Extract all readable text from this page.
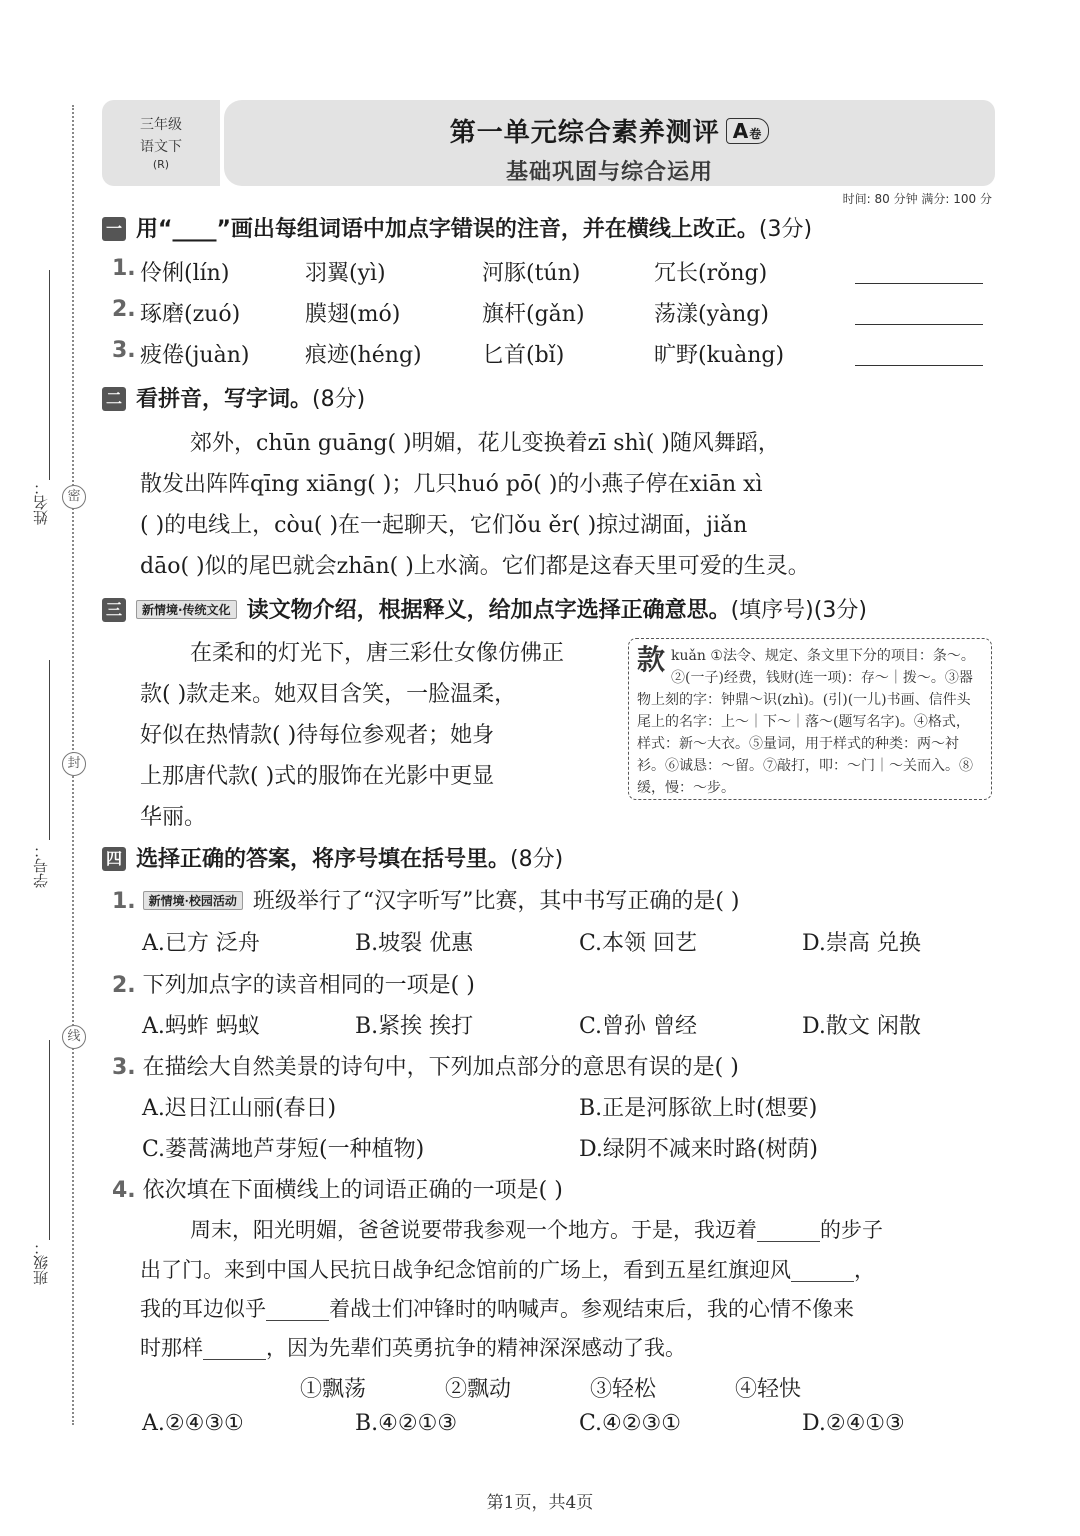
姓名：	密
学号：
封
线
班级：
三年级
语文下
(R)
第一单元综合素养测评 A卷
基础巩固与综合运用
时间: 80 分钟 满分: 100 分
一 用“____”画出每组词语中加点字错误的注音，并在横线上改正。(3分)
1. 伶俐(lín)	羽翼(yì)	河豚(tún)	冗长(rǒng)
2. 琢磨(zuó)	膜翅(mó)	旗杆(gǎn)	荡漾(yàng)
3. 疲倦(juàn)	痕迹(héng)	匕首(bǐ)	旷野(kuàng)
二 看拼音，写字词。(8分)
郊外，chūn guāng( )明媚，花儿变换着zī shì( )随风舞蹈，
散发出阵阵qīng xiāng( )；几只huó pō( )的小燕子停在xiān xì
( )的电线上，còu( )在一起聊天，它们ǒu ěr( )掠过湖面，jiǎn
dāo( )似的尾巴就会zhān( )上水滴。它们都是这春天里可爱的生灵。
三 新情境·传统文化 读文物介绍，根据释义，给加点字选择正确意思。(填序号)(3分)
在柔和的灯光下，唐三彩仕女像仿佛正
款( )款走来。她双目含笑，一脸温柔，
好似在热情款( )待每位参观者；她身
上那唐代款( )式的服饰在光影中更显
华丽。
款 kuǎn ①法令、规定、条文里下分的项目：条～。②(一子)经费，钱财(连一项)：存～｜拨～。③器物上刻的字：钟鼎～识(zhì)。(引)(一儿)书画、信件头尾上的名字：上～｜下～｜落～(题写名字)。④格式，样式：新～大衣。⑤量词，用于样式的种类：两～衬衫。⑥诚恳：～留。⑦敲打，叩：～门｜～关而入。⑧缓，慢：～步。
四 选择正确的答案，将序号填在括号里。(8分)
1. 新情境·校园活动 班级举行了“汉字听写”比赛，其中书写正确的是( )
A.已方 泛舟	B.坡裂 优惠	C.本领 回艺	D.崇高 兑换
2. 下列加点字的读音相同的一项是( )
A.蚂蚱 蚂蚁	B.紧挨 挨打	C.曾孙 曾经	D.散文 闲散
3. 在描绘大自然美景的诗句中，下列加点部分的意思有误的是( )
A.迟日江山丽(春日)	B.正是河豚欲上时(想要)
C.蒌蒿满地芦芽短(一种植物)	D.绿阴不减来时路(树荫)
4. 依次填在下面横线上的词语正确的一项是( )
周末，阳光明媚，爸爸说要带我参观一个地方。于是，我迈着______的步子
出了门。来到中国人民抗日战争纪念馆前的广场上，看到五星红旗迎风______，
我的耳边似乎______着战士们冲锋时的呐喊声。参观结束后，我的心情不像来
时那样______，因为先辈们英勇抗争的精神深深感动了我。
①飘荡	②飘动	③轻松	④轻快
A.②④③①	B.④②①③	C.④②③①	D.②④①③
第1页，共4页
